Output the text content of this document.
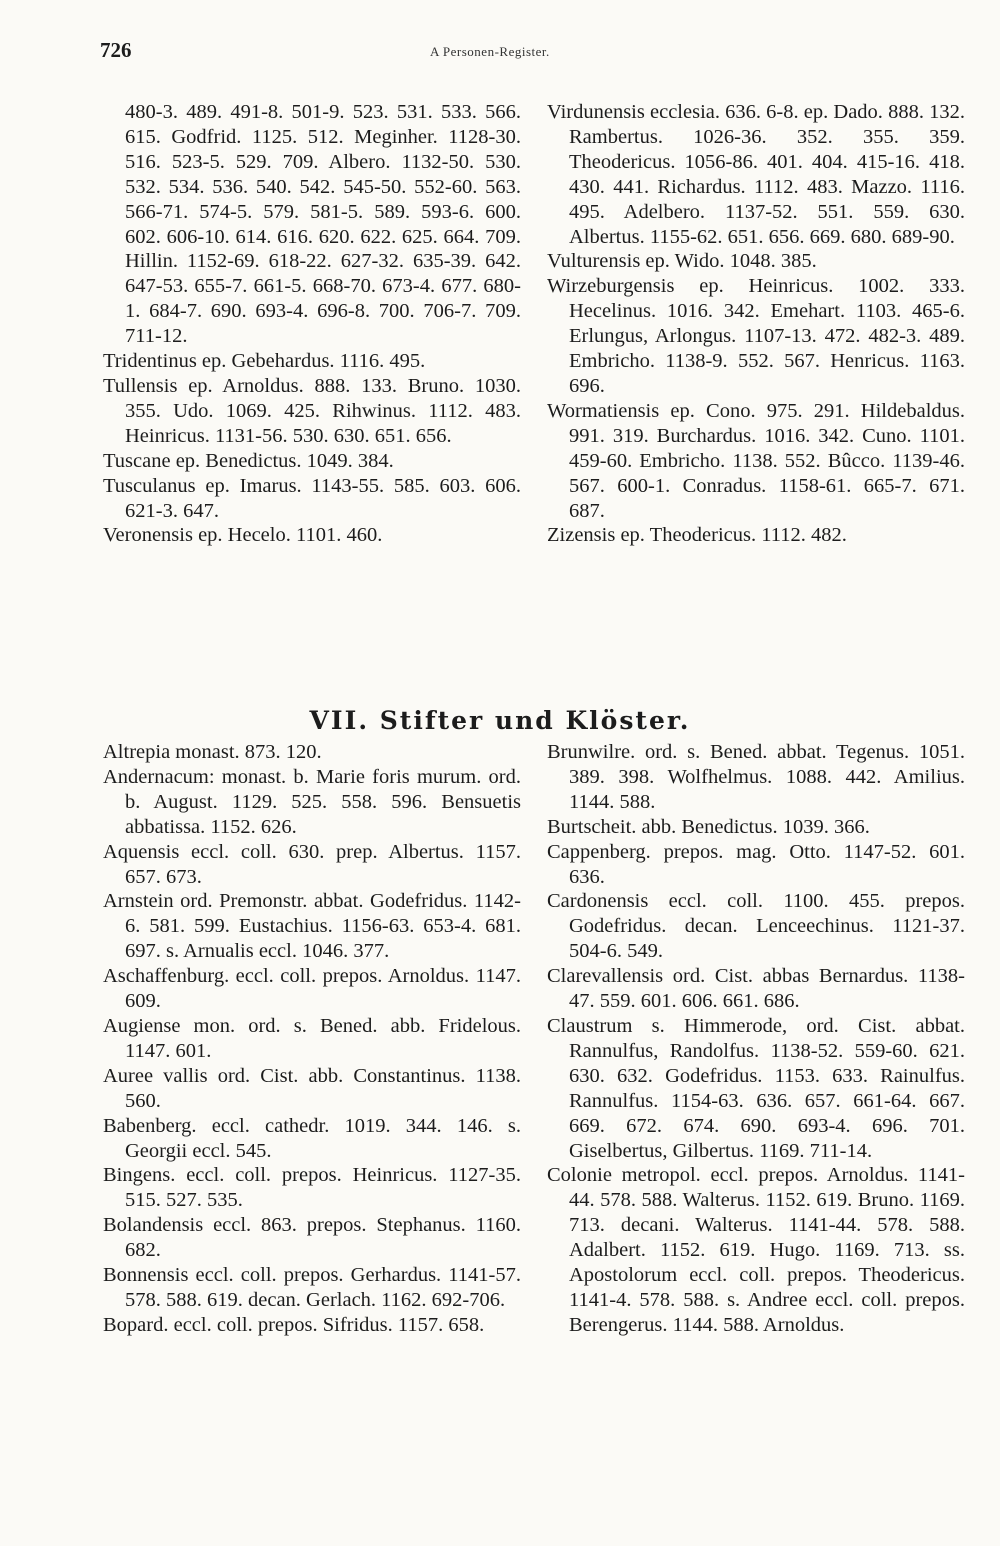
726	A Personen-Register.

480-3. 489. 491-8. 501-9. 523. 531. 533. 566. 615. Godfrid. 1125. 512. Meginher. 1128-30. 516. 523-5. 529. 709. Albero. 1132-50. 530. 532. 534. 536. 540. 542. 545-50. 552-60. 563. 566-71. 574-5. 579. 581-5. 589. 593-6. 600. 602. 606-10. 614. 616. 620. 622. 625. 664. 709. Hillin. 1152-69. 618-22. 627-32. 635-39. 642. 647-53. 655-7. 661-5. 668-70. 673-4. 677. 680-1. 684-7. 690. 693-4. 696-8. 700. 706-7. 709. 711-12.

Tridentinus ep. Gebehardus. 1116. 495.

Tullensis ep. Arnoldus. 888. 133. Bruno. 1030. 355. Udo. 1069. 425. Rihwinus. 1112. 483. Heinricus. 1131-56. 530. 630. 651. 656.

Tuscane ep. Benedictus. 1049. 384.

Tusculanus ep. Imarus. 1143-55. 585. 603. 606. 621-3. 647.

Veronensis ep. Hecelo. 1101. 460.

Virdunensis ecclesia. 636. 6-8. ep. Dado. 888. 132. Rambertus. 1026-36. 352. 355. 359. Theodericus. 1056-86. 401. 404. 415-16. 418. 430. 441. Richardus. 1112. 483. Mazzo. 1116. 495. Adelbero. 1137-52. 551. 559. 630. Albertus. 1155-62. 651. 656. 669. 680. 689-90.

Vulturensis ep. Wido. 1048. 385.

Wirzeburgensis ep. Heinricus. 1002. 333. Hecelinus. 1016. 342. Emehart. 1103. 465-6. Erlungus, Arlongus. 1107-13. 472. 482-3. 489. Embricho. 1138-9. 552. 567. Henricus. 1163. 696.

Wormatiensis ep. Cono. 975. 291. Hildebaldus. 991. 319. Burchardus. 1016. 342. Cuno. 1101. 459-60. Embricho. 1138. 552. Bûcco. 1139-46. 567. 600-1. Conradus. 1158-61. 665-7. 671. 687.

Zizensis ep. Theodericus. 1112. 482.

VII. Stifter und Klöster.

Altrepia monast. 873. 120.

Andernacum: monast. b. Marie foris murum. ord. b. August. 1129. 525. 558. 596. Bensuetis abbatissa. 1152. 626.

Aquensis eccl. coll. 630. prep. Albertus. 1157. 657. 673.

Arnstein ord. Premonstr. abbat. Godefridus. 1142-6. 581. 599. Eustachius. 1156-63. 653-4. 681. 697. s. Arnualis eccl. 1046. 377.

Aschaffenburg. eccl. coll. prepos. Arnoldus. 1147. 609.

Augiense mon. ord. s. Bened. abb. Fridelous. 1147. 601.

Auree vallis ord. Cist. abb. Constantinus. 1138. 560.

Babenberg. eccl. cathedr. 1019. 344. 146. s. Georgii eccl. 545.

Bingens. eccl. coll. prepos. Heinricus. 1127-35. 515. 527. 535.

Bolandensis eccl. 863. prepos. Stephanus. 1160. 682.

Bonnensis eccl. coll. prepos. Gerhardus. 1141-57. 578. 588. 619. decan. Gerlach. 1162. 692-706.

Bopard. eccl. coll. prepos. Sifridus. 1157. 658.

Brunwilre. ord. s. Bened. abbat. Tegenus. 1051. 389. 398. Wolfhelmus. 1088. 442. Amilius. 1144. 588.

Burtscheit. abb. Benedictus. 1039. 366.

Cappenberg. prepos. mag. Otto. 1147-52. 601. 636.

Cardonensis eccl. coll. 1100. 455. prepos. Godefridus. decan. Lenceechinus. 1121-37. 504-6. 549.

Clarevallensis ord. Cist. abbas Bernardus. 1138-47. 559. 601. 606. 661. 686.

Claustrum s. Himmerode, ord. Cist. abbat. Rannulfus, Randolfus. 1138-52. 559-60. 621. 630. 632. Godefridus. 1153. 633. Rainulfus. Rannulfus. 1154-63. 636. 657. 661-64. 667. 669. 672. 674. 690. 693-4. 696. 701. Giselbertus, Gilbertus. 1169. 711-14.

Colonie metropol. eccl. prepos. Arnoldus. 1141-44. 578. 588. Walterus. 1152. 619. Bruno. 1169. 713. decani. Walterus. 1141-44. 578. 588. Adalbert. 1152. 619. Hugo. 1169. 713. ss. Apostolorum eccl. coll. prepos. Theodericus. 1141-4. 578. 588. s. Andree eccl. coll. prepos. Berengerus. 1144. 588. Arnoldus.
